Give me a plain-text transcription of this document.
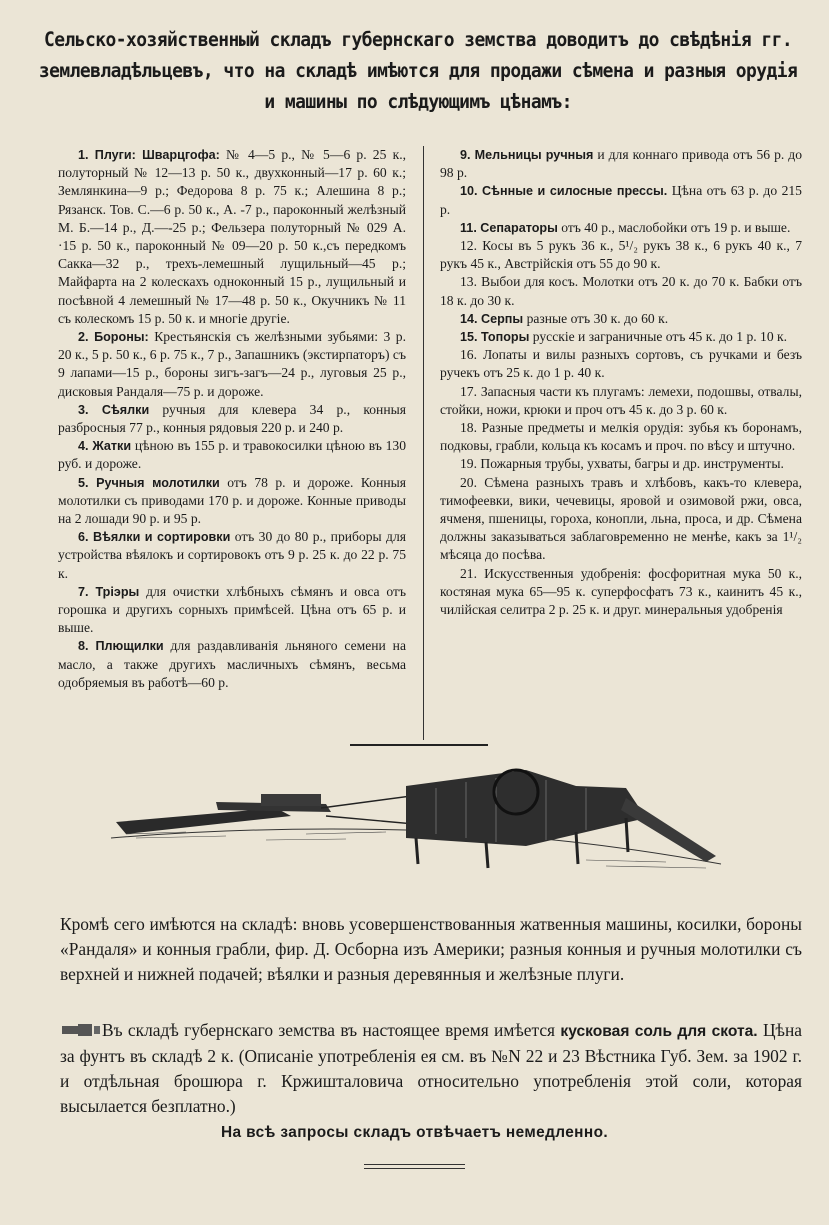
Сельско-хозяйственный складъ губернскаго земства доводитъ до свѣдѣнія гг. землевладѣльцевъ, что на складѣ имѣются для продажи сѣмена и разныя орудія и машины по слѣдующимъ цѣнамъ:

1. Плуги: Шварцгофа: № 4—5 р., № 5—6 р. 25 к., полуторный № 12—13 р. 50 к., двухконный—17 р. 60 к.; Землянкина—9 р.; Федорова 8 р. 75 к.; Алешина 8 р.; Рязанск. Тов. С.—6 р. 50 к., А. -7 р., пароконный желѣзный М. Б.—14 р., Д.—-25 р.; Фельзера полуторный № 029 А. ·15 р. 50 к., пароконный № 09—20 р. 50 к.,съ передкомъ Сакка—32 р., трехъ-лемешный лущильный—45 р.; Майфарта на 2 колескахъ одноконный 15 р., лущильный и посѣвной 4 лемешный № 17—48 р. 50 к., Окучникъ № 11 съ колескомъ 15 р. 50 к. и многіе другіе.

2. Бороны: Крестьянскія съ желѣзными зубьями: 3 р. 20 к., 5 р. 50 к., 6 р. 75 к., 7 р., Запашникъ (экстирпаторъ) съ 9 лапами—15 р., бороны зигъ-загъ—24 р., луговыя 25 р., дисковыя Рандаля—75 р. и дороже.

3. Сѣялки ручныя для клевера 34 р., конныя разбросныя 77 р., конныя рядовыя 220 р. и 240 р.

4. Жатки цѣною въ 155 р. и травокосилки цѣною въ 130 руб. и дороже.

5. Ручныя молотилки отъ 78 р. и дороже. Конныя молотилки съ приводами 170 р. и дороже. Конные приводы на 2 лошади 90 р. и 95 р.

6. Вѣялки и сортировки отъ 30 до 80 р., приборы для устройства вѣялокъ и сортировокъ отъ 9 р. 25 к. до 22 р. 75 к.

7. Тріэры для очистки хлѣбныхъ сѣмянъ и овса отъ горошка и другихъ сорныхъ примѣсей. Цѣна отъ 65 р. и выше.

8. Плющилки для раздавливанія льняного семени на масло, а также другихъ масличныхъ сѣмянъ, весьма одобряемыя въ работѣ—60 р.

9. Мельницы ручныя и для коннаго привода отъ 56 р. до 98 р.

10. Сѣнные и силосные прессы. Цѣна отъ 63 р. до 215 р.

11. Сепараторы отъ 40 р., маслобойки отъ 19 р. и выше.

12. Косы въ 5 рукъ 36 к., 5¹/₂ рукъ 38 к., 6 рукъ 40 к., 7 рукъ 45 к., Австрійскія отъ 55 до 90 к.

13. Выбои для косъ. Молотки отъ 20 к. до 70 к. Бабки отъ 18 к. до 30 к.

14. Серпы разные отъ 30 к. до 60 к.

15. Топоры русскіе и заграничные отъ 45 к. до 1 р. 10 к.

16. Лопаты и вилы разныхъ сортовъ, съ ручками и безъ ручекъ отъ 25 к. до 1 р. 40 к.

17. Запасныя части къ плугамъ: лемехи, подошвы, отвалы, стойки, ножи, крюки и проч отъ 45 к. до 3 р. 60 к.

18. Разные предметы и мелкія орудія: зубья къ боронамъ, подковы, грабли, кольца къ косамъ и проч. по вѣсу и штучно.

19. Пожарныя трубы, ухваты, багры и др. инструменты.

20. Сѣмена разныхъ травъ и хлѣбовъ, какъ-то клевера, тимофеевки, вики, чечевицы, яровой и озимовой ржи, овса, ячменя, пшеницы, гороха, конопли, льна, проса, и др. Сѣмена должны заказываться заблаговременно не менѣе, какъ за 1¹/₂ мѣсяца до посѣва.

21. Искусственныя удобренія: фосфоритная мука 50 к., костяная мука 65—95 к. суперфосфатъ 73 к., каинитъ 45 к., чилійская селитра 2 р. 25 к. и друг. минеральныя удобренія

Кромѣ сего имѣются на складѣ: вновь усовершенствованныя жатвенныя машины, косилки, бороны «Рандаля» и конныя грабли, фир. Д. Осборна изъ Америки; разныя конныя и ручныя молотилки съ верхней и нижней подачей; вѣялки и разныя деревянныя и желѣзные плуги.
Въ складѣ губернскаго земства въ настоящее время имѣется кусковая соль для скота. Цѣна за фунтъ въ складѣ 2 к. (Описаніе употребленія ея см. въ №N 22 и 23 Вѣстника Губ. Зем. за 1902 г. и отдѣльная брошюра г. Кржишталовича относительно употребленія этой соли, которая высылается безплатно.)
На всѣ запросы складъ отвѣчаетъ немедленно.
